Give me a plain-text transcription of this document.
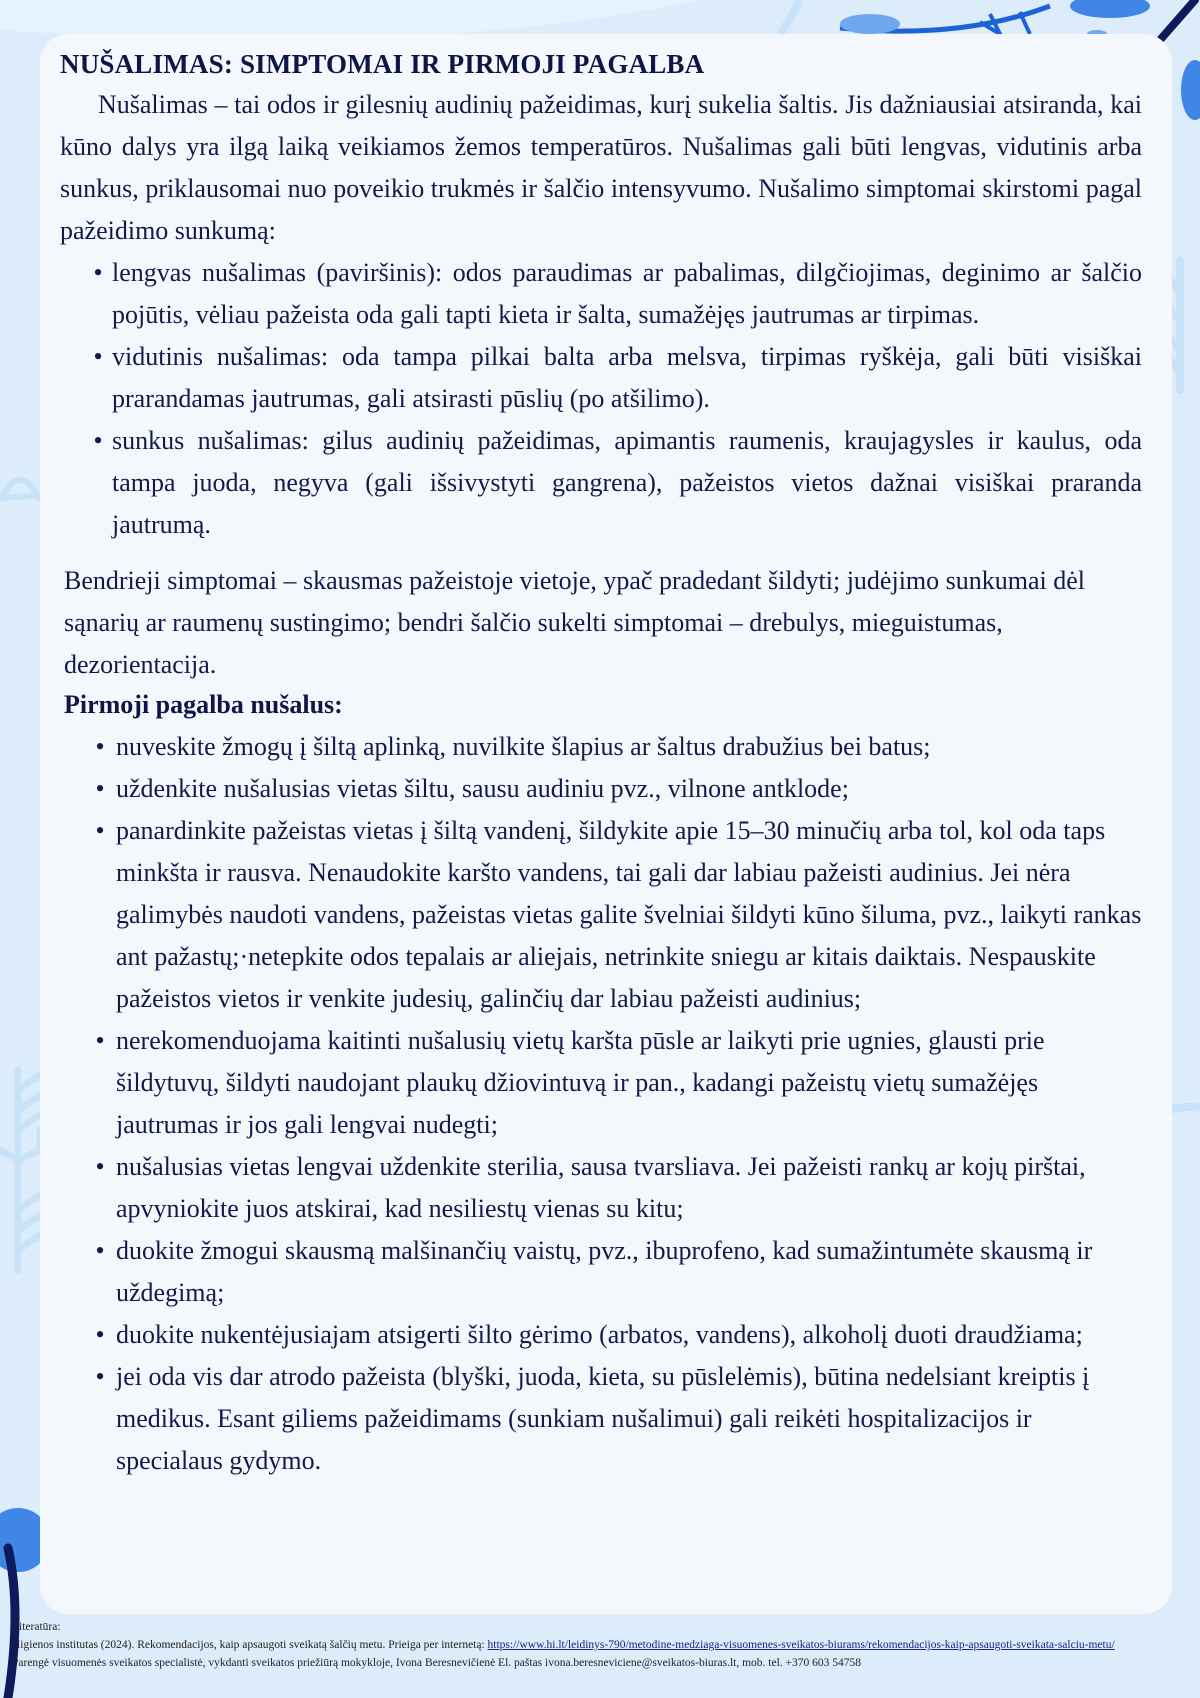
NUŠALIMAS: SIMPTOMAI IR PIRMOJI PAGALBA

Nušalimas – tai odos ir gilesnių audinių pažeidimas, kurį sukelia šaltis. Jis dažniausiai atsiranda, kai kūno dalys yra ilgą laiką veikiamos žemos temperatūros. Nušalimas gali būti lengvas, vidutinis arba sunkus, priklausomai nuo poveikio trukmės ir šalčio intensyvumo. Nušalimo simptomai skirstomi pagal pažeidimo sunkumą:

• lengvas nušalimas (paviršinis): odos paraudimas ar pabalimas, dilgčiojimas, deginimo ar šalčio pojūtis, vėliau pažeista oda gali tapti kieta ir šalta, sumažėjęs jautrumas ar tirpimas.
• vidutinis nušalimas: oda tampa pilkai balta arba melsva, tirpimas ryškėja, gali būti visiškai prarandamas jautrumas, gali atsirasti pūslių (po atšilimo).
• sunkus nušalimas: gilus audinių pažeidimas, apimantis raumenis, kraujagysles ir kaulus, oda tampa juoda, negyva (gali išsivystyti gangrena), pažeistos vietos dažnai visiškai praranda jautrumą.

Bendrieji simptomai – skausmas pažeistoje vietoje, ypač pradedant šildyti; judėjimo sunkumai dėl sąnarių ar raumenų sustingimo; bendri šalčio sukelti simptomai – drebulys, mieguistumas, dezorientacija.

Pirmoji pagalba nušalus:
• nuveskite žmogų į šiltą aplinką, nuvilkite šlapius ar šaltus drabužius bei batus;
• uždenkite nušalusias vietas šiltu, sausu audiniu pvz., vilnone antklode;
• panardinkite pažeistas vietas į šiltą vandenį, šildykite apie 15–30 minučių arba tol, kol oda taps minkšta ir rausva. Nenaudokite karšto vandens, tai gali dar labiau pažeisti audinius. Jei nėra galimybės naudoti vandens, pažeistas vietas galite švelniai šildyti kūno šiluma, pvz., laikyti rankas ant pažastų;·netepkite odos tepalais ar aliejais, netrinkite sniegu ar kitais daiktais. Nespauskite pažeistos vietos ir venkite judesių, galinčių dar labiau pažeisti audinius;
• nerekomenduojama kaitinti nušalusių vietų karšta pūsle ar laikyti prie ugnies, glausti prie šildytuvų, šildyti naudojant plaukų džiovintuvą ir pan., kadangi pažeistų vietų sumažėjęs jautrumas ir jos gali lengvai nudegti;
• nušalusias vietas lengvai uždenkite sterilia, sausa tvarsliava. Jei pažeisti rankų ar kojų pirštai, apvyniokite juos atskirai, kad nesiliestų vienas su kitu;
• duokite žmogui skausmą malšinančių vaistų, pvz., ibuprofeno, kad sumažintumėte skausmą ir uždegimą;
• duokite nukentėjusiajam atsigerti šilto gėrimo (arbatos, vandens), alkoholį duoti draudžiama;
• jei oda vis dar atrodo pažeista (blyški, juoda, kieta, su pūslelėmis), būtina nedelsiant kreiptis į medikus. Esant giliems pažeidimams (sunkiam nušalimui) gali reikėti hospitalizacijos ir specialaus gydymo.
Literatūra:
Higienos institutas (2024). Rekomendacijos, kaip apsaugoti sveikatą šalčių metu. Prieiga per internetą: https://www.hi.lt/leidinys-790/metodine-medziaga-visuomenes-sveikatos-biurams/rekomendacijos-kaip-apsaugoti-sveikata-salciu-metu/
Parengė visuomenės sveikatos specialistė, vykdanti sveikatos priežiūrą mokykloje, Ivona Beresnevičienė El. paštas ivona.beresneviciene@sveikatos-biuras.lt, mob. tel. +370 603 54758
